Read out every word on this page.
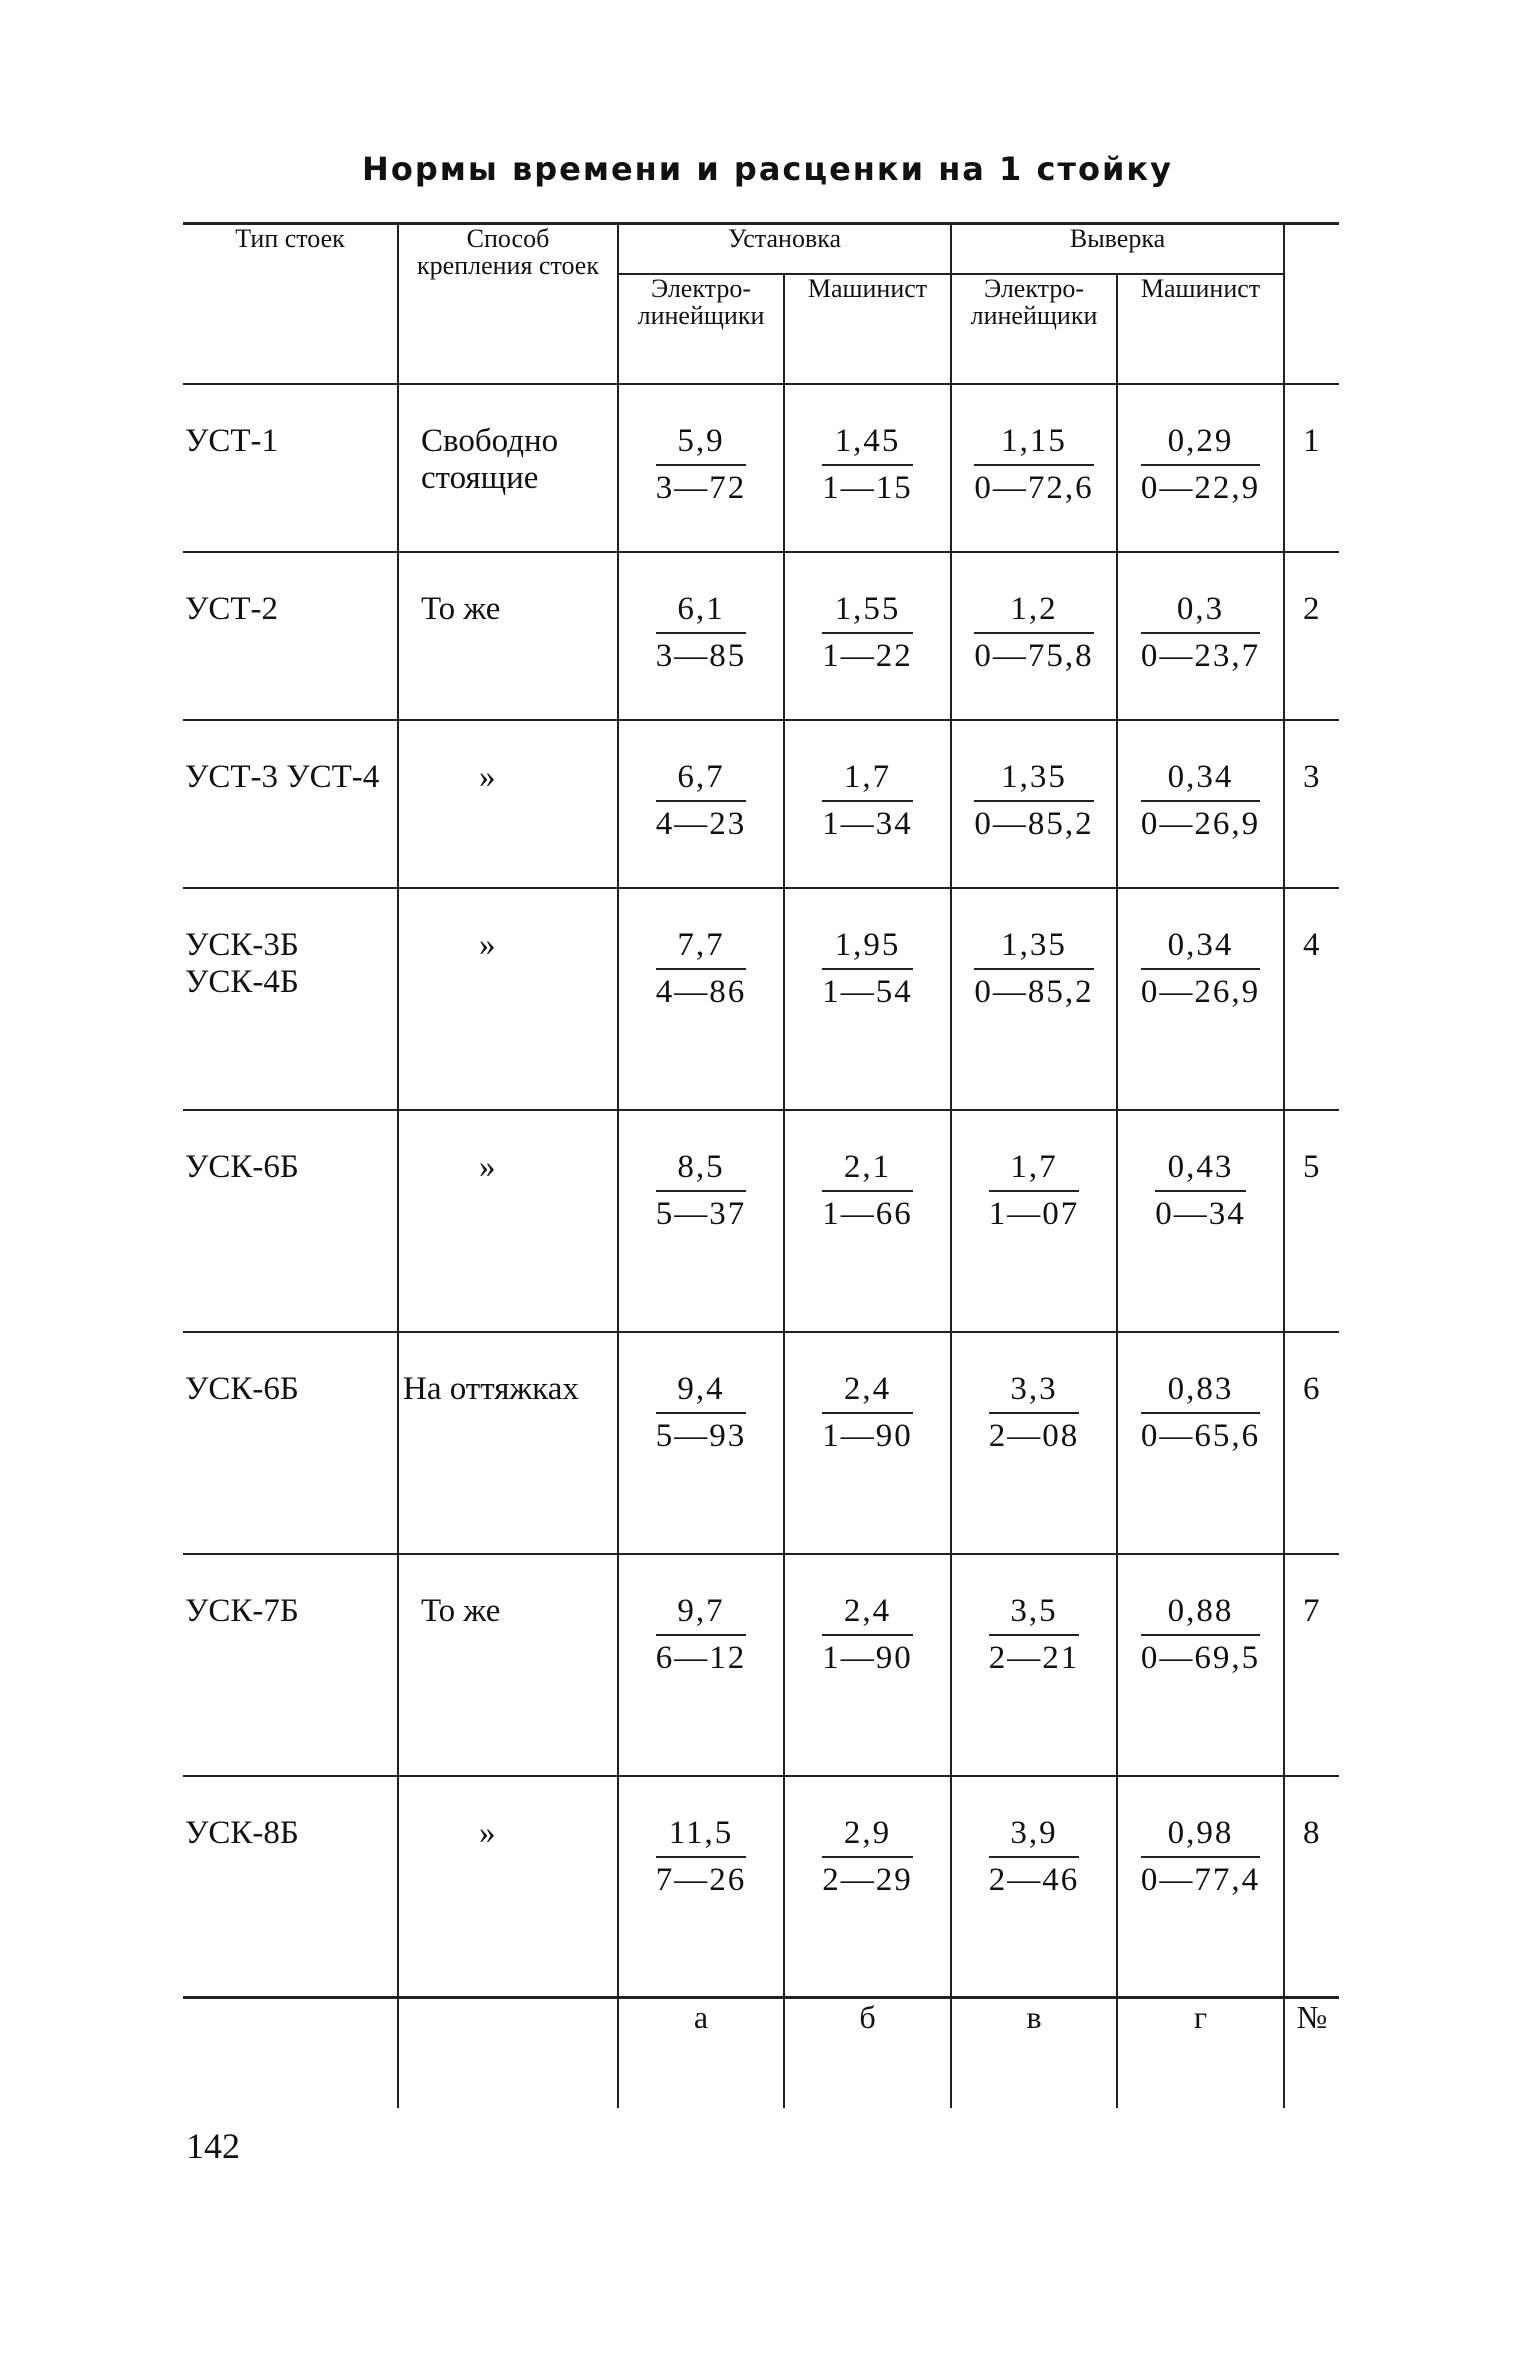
Нормы времени и расценки на 1 стойку
Тип стоек	Способ крепления стоек	Установка		Выверка		
		Электро-линейщики	Машинист	Электро-линейщики	Машинист	
УСТ-1	Свободно стоящие	$\frac{5,9}{3—72}$	$\frac{1,45}{1—15}$	$\frac{1,15}{0—72,6}$	$\frac{0,29}{0—22,9}$	1
УСТ-2	То же	$\frac{6,1}{3—85}$	$\frac{1,55}{1—22}$	$\frac{1,2}{0—75,8}$	$\frac{0,3}{0—23,7}$	2
УСТ-3 УСТ-4	»	$\frac{6,7}{4—23}$	$\frac{1,7}{1—34}$	$\frac{1,35}{0—85,2}$	$\frac{0,34}{0—26,9}$	3
УСК-3Б УСК-4Б	»	$\frac{7,7}{4—86}$	$\frac{1,95}{1—54}$	$\frac{1,35}{0—85,2}$	$\frac{0,34}{0—26,9}$	4
УСК-6Б	»	$\frac{8,5}{5—37}$	$\frac{2,1}{1—66}$	$\frac{1,7}{1—07}$	$\frac{0,43}{0—34}$	5
УСК-6Б	На оттяжках	$\frac{9,4}{5—93}$	$\frac{2,4}{1—90}$	$\frac{3,3}{2—08}$	$\frac{0,83}{0—65,6}$	6
УСК-7Б	То же	$\frac{9,7}{6—12}$	$\frac{2,4}{1—90}$	$\frac{3,5}{2—21}$	$\frac{0,88}{0—69,5}$	7
УСК-8Б	»	$\frac{11,5}{7—26}$	$\frac{2,9}{2—29}$	$\frac{3,9}{2—46}$	$\frac{0,98}{0—77,4}$	8
		а	б	в	г	№
142
